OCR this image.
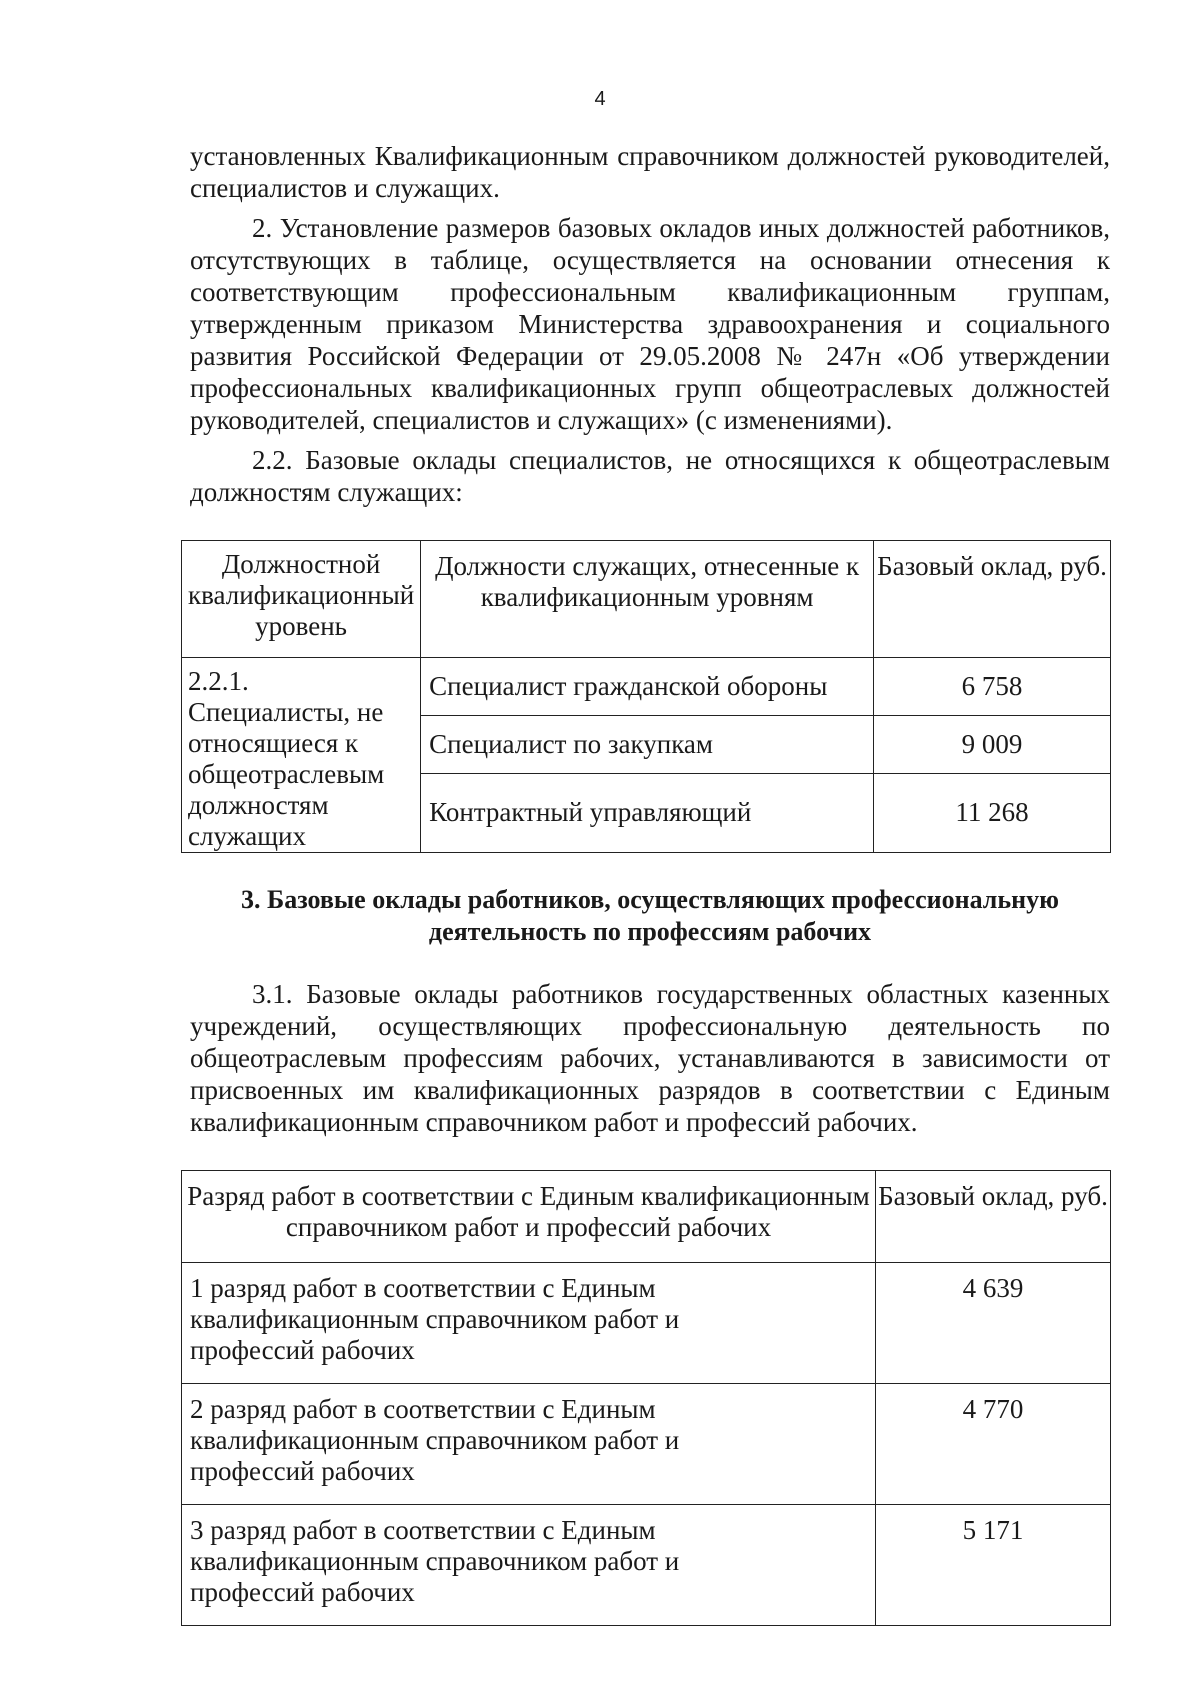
4

установленных Квалификационным справочником должностей руководителей, специалистов и служащих.

2. Установление размеров базовых окладов иных должностей работников, отсутствующих в таблице, осуществляется на основании отнесения к соответствующим профессиональным квалификационным группам, утвержденным приказом Министерства здравоохранения и социального развития Российской Федерации от 29.05.2008 № 247н «Об утверждении профессиональных квалификационных групп общеотраслевых должностей руководителей, специалистов и служащих» (с изменениями).

2.2. Базовые оклады специалистов, не относящихся к общеотраслевым должностям служащих:

Должностной квалификационный уровень	Должности служащих, отнесенные к квалификационным уровням	Базовый оклад, руб.
2.2.1. Специалисты, не относящиеся к общеотраслевым должностям служащих	Специалист гражданской обороны	6 758
	Специалист по закупкам	9 009
	Контрактный управляющий	11 268
3. Базовые оклады работников, осуществляющих профессиональную деятельность по профессиям рабочих

3.1. Базовые оклады работников государственных областных казенных учреждений, осуществляющих профессиональную деятельность по общеотраслевым профессиям рабочих, устанавливаются в зависимости от присвоенных им квалификационных разрядов в соответствии с Единым квалификационным справочником работ и профессий рабочих.

Разряд работ в соответствии с Единым квалификационным справочником работ и профессий рабочих	Базовый оклад, руб.
1 разряд работ в соответствии с Единым квалификационным справочником работ и профессий рабочих	4 639
2 разряд работ в соответствии с Единым квалификационным справочником работ и профессий рабочих	4 770
3 разряд работ в соответствии с Единым квалификационным справочником работ и профессий рабочих	5 171
